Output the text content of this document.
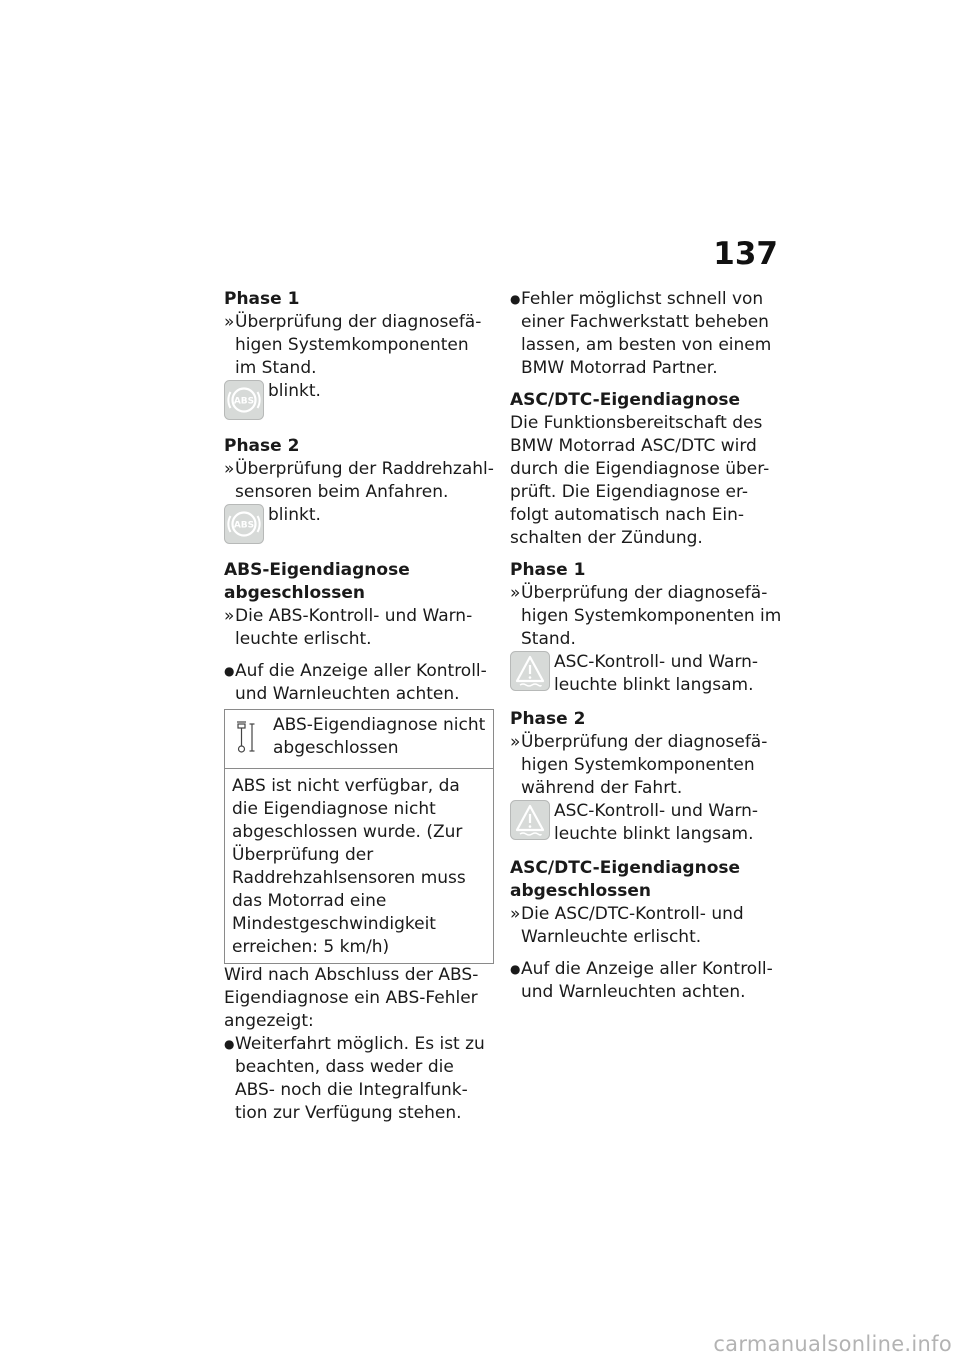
137
Phase 1
» Überprüfung der diagnosefä-higen Systemkomponenten im Stand.
ABS
blinkt.
Phase 2
» Überprüfung der Raddrehzahl-sensoren beim Anfahren.
ABS
blinkt.
ABS-Eigendiagnose
abgeschlossen
» Die ABS-Kontroll- und Warn-leuchte erlischt.
● Auf die Anzeige aller Kontroll- und Warnleuchten achten.
ABS-Eigendiagnose nicht abgeschlossen
ABS ist nicht verfügbar, da die Eigendiagnose nicht abgeschlossen wurde. (Zur Überprüfung der Raddrehzahlsensoren muss das Motorrad eine Mindestgeschwindigkeit erreichen: 5 km/h)
Wird nach Abschluss der ABS-Eigendiagnose ein ABS-Fehler angezeigt:
● Weiterfahrt möglich. Es ist zu beachten, dass weder die ABS- noch die Integralfunk-tion zur Verfügung stehen.
● Fehler möglichst schnell von einer Fachwerkstatt beheben lassen, am besten von einem BMW Motorrad Partner.
ASC/DTC-Eigendiagnose
Die Funktionsbereitschaft des BMW Motorrad ASC/DTC wird durch die Eigendiagnose über-prüft. Die Eigendiagnose er-folgt automatisch nach Ein-schalten der Zündung.
Phase 1
» Überprüfung der diagnosefä-higen Systemkomponenten im Stand.
ASC-Kontroll- und Warn-leuchte blinkt langsam.
Phase 2
» Überprüfung der diagnosefä-higen Systemkomponenten während der Fahrt.
ASC-Kontroll- und Warn-leuchte blinkt langsam.
ASC/DTC-Eigendiagnose
abgeschlossen
» Die ASC/DTC-Kontroll- und Warnleuchte erlischt.
● Auf die Anzeige aller Kontroll- und Warnleuchten achten.
carmanualsonline.info
